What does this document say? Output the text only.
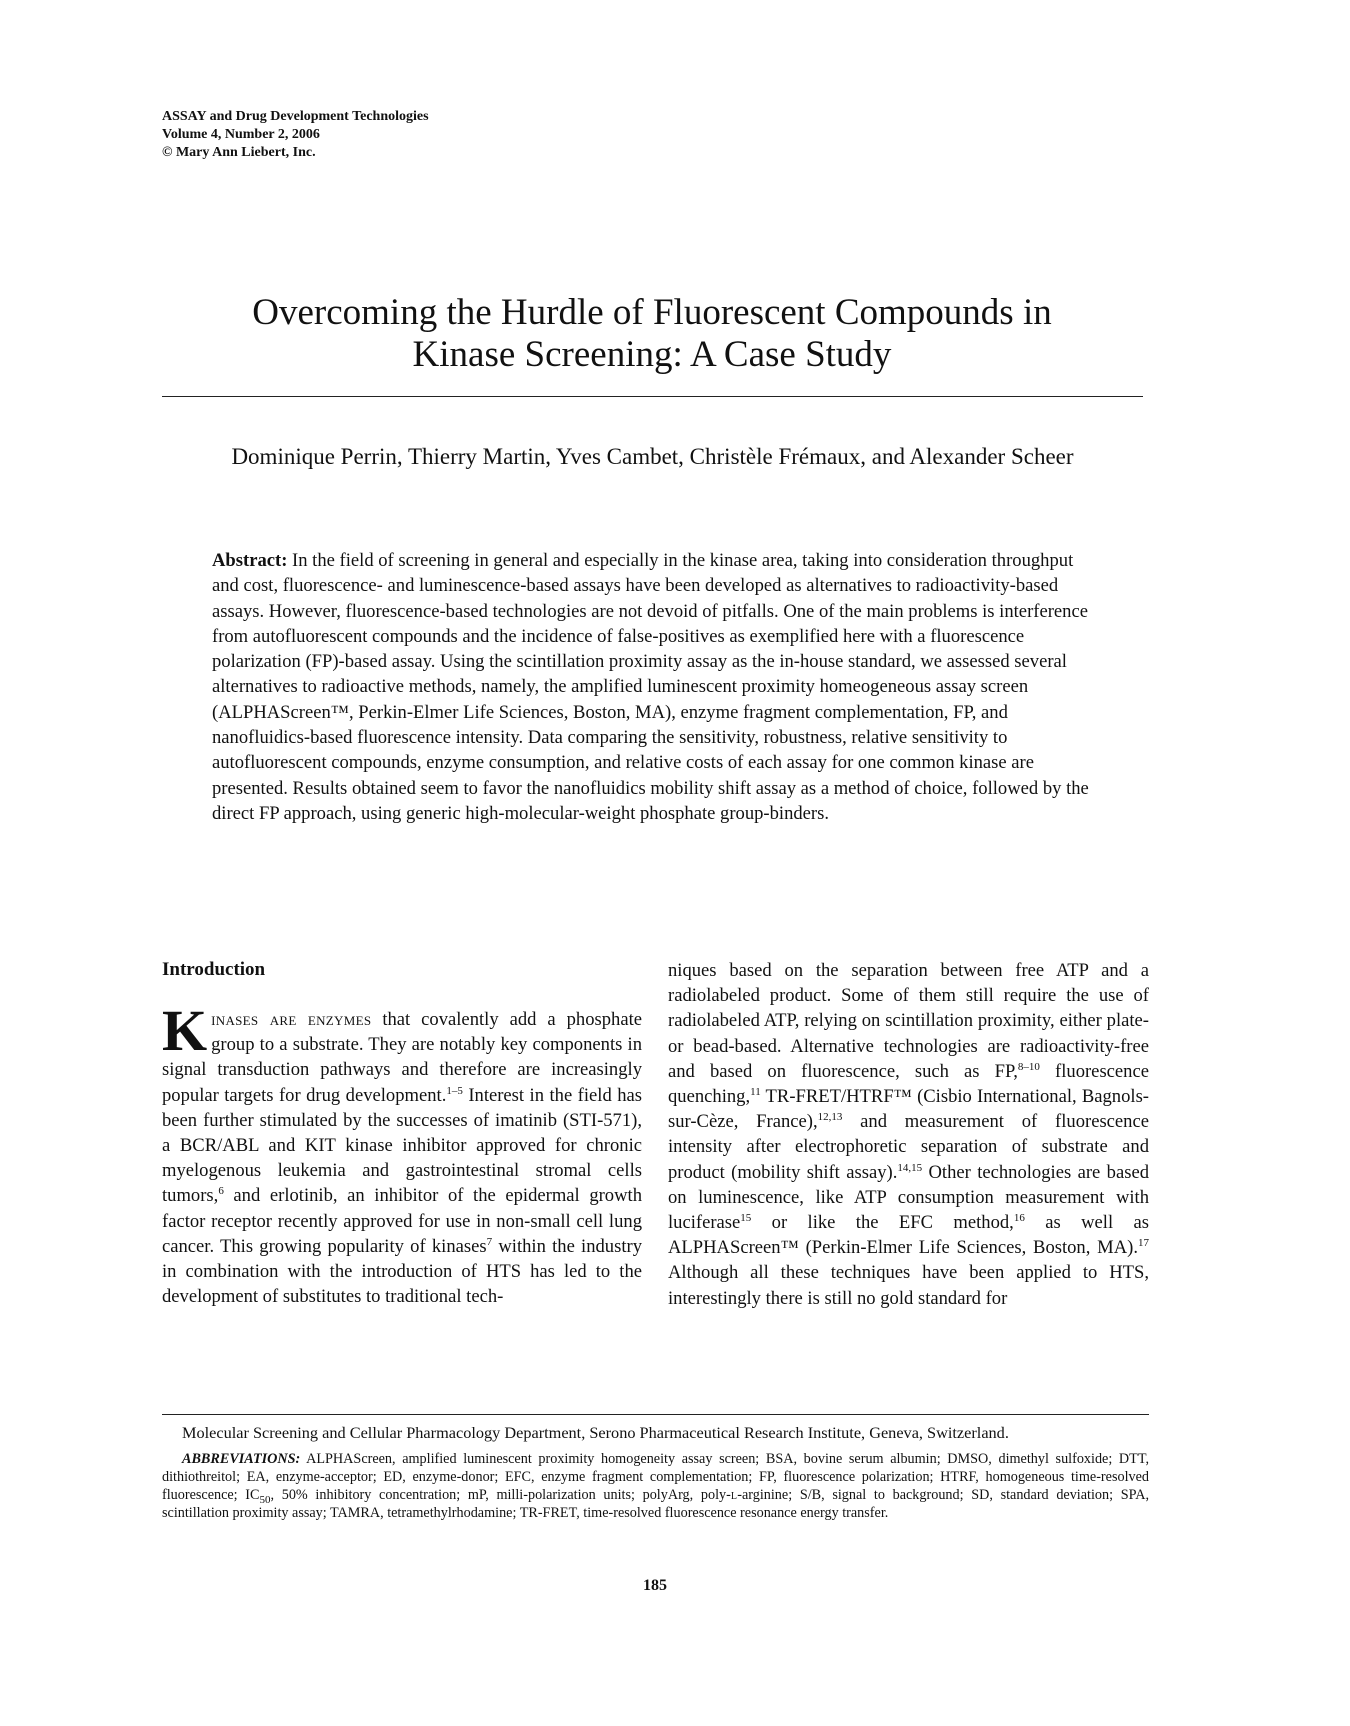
ASSAY and Drug Development Technologies
Volume 4, Number 2, 2006
© Mary Ann Liebert, Inc.
Overcoming the Hurdle of Fluorescent Compounds in
Kinase Screening: A Case Study
Dominique Perrin, Thierry Martin, Yves Cambet, Christèle Frémaux, and Alexander Scheer
Abstract: In the field of screening in general and especially in the kinase area, taking into consideration throughput and cost, fluorescence- and luminescence-based assays have been developed as alternatives to radioactivity-based assays. However, fluorescence-based technologies are not devoid of pitfalls. One of the main problems is interference from autofluorescent compounds and the incidence of false-positives as exemplified here with a fluorescence polarization (FP)-based assay. Using the scintillation proximity assay as the in-house standard, we assessed several alternatives to radioactive methods, namely, the amplified luminescent proximity homeogeneous assay screen (ALPHAScreen™, Perkin-Elmer Life Sciences, Boston, MA), enzyme fragment complementation, FP, and nanofluidics-based fluorescence intensity. Data comparing the sensitivity, robustness, relative sensitivity to autofluorescent compounds, enzyme consumption, and relative costs of each assay for one common kinase are presented. Results obtained seem to favor the nanofluidics mobility shift assay as a method of choice, followed by the direct FP approach, using generic high-molecular-weight phosphate group-binders.
Introduction
Kinases are enzymes that covalently add a phosphate group to a substrate. They are notably key components in signal transduction pathways and therefore are increasingly popular targets for drug development.$^{1-5}$ Interest in the field has been further stimulated by the successes of imatinib (STI-571), a BCR/ABL and KIT kinase inhibitor approved for chronic myelogenous leukemia and gastrointestinal stromal cells tumors,$^6$ and erlotinib, an inhibitor of the epidermal growth factor receptor recently approved for use in non-small cell lung cancer. This growing popularity of kinases$^7$ within the industry in combination with the introduction of HTS has led to the development of substitutes to traditional tech-
niques based on the separation between free ATP and a radiolabeled product. Some of them still require the use of radiolabeled ATP, relying on scintillation proximity, either plate- or bead-based. Alternative technologies are radioactivity-free and based on fluorescence, such as FP,$^{8-10}$ fluorescence quenching,$^{11}$ TR-FRET/HTRF™ (Cisbio International, Bagnols-sur-Cèze, France),$^{12,13}$ and measurement of fluorescence intensity after electrophoretic separation of substrate and product (mobility shift assay).$^{14,15}$ Other technologies are based on luminescence, like ATP consumption measurement with luciferase$^{15}$ or like the EFC method,$^{16}$ as well as ALPHAScreen™ (Perkin-Elmer Life Sciences, Boston, MA).$^{17}$ Although all these techniques have been applied to HTS, interestingly there is still no gold standard for
Molecular Screening and Cellular Pharmacology Department, Serono Pharmaceutical Research Institute, Geneva, Switzerland.
ABBREVIATIONS: ALPHAScreen, amplified luminescent proximity homogeneity assay screen; BSA, bovine serum albumin; DMSO, dimethyl sulfoxide; DTT, dithiothreitol; EA, enzyme-acceptor; ED, enzyme-donor; EFC, enzyme fragment complementation; FP, fluorescence polarization; HTRF, homogeneous time-resolved fluorescence; $IC_{50}$, 50% inhibitory concentration; mP, milli-polarization units; polyArg, poly-l-arginine; S/B, signal to background; SD, standard deviation; SPA, scintillation proximity assay; TAMRA, tetramethylrhodamine; TR-FRET, time-resolved fluorescence resonance energy transfer.
185
